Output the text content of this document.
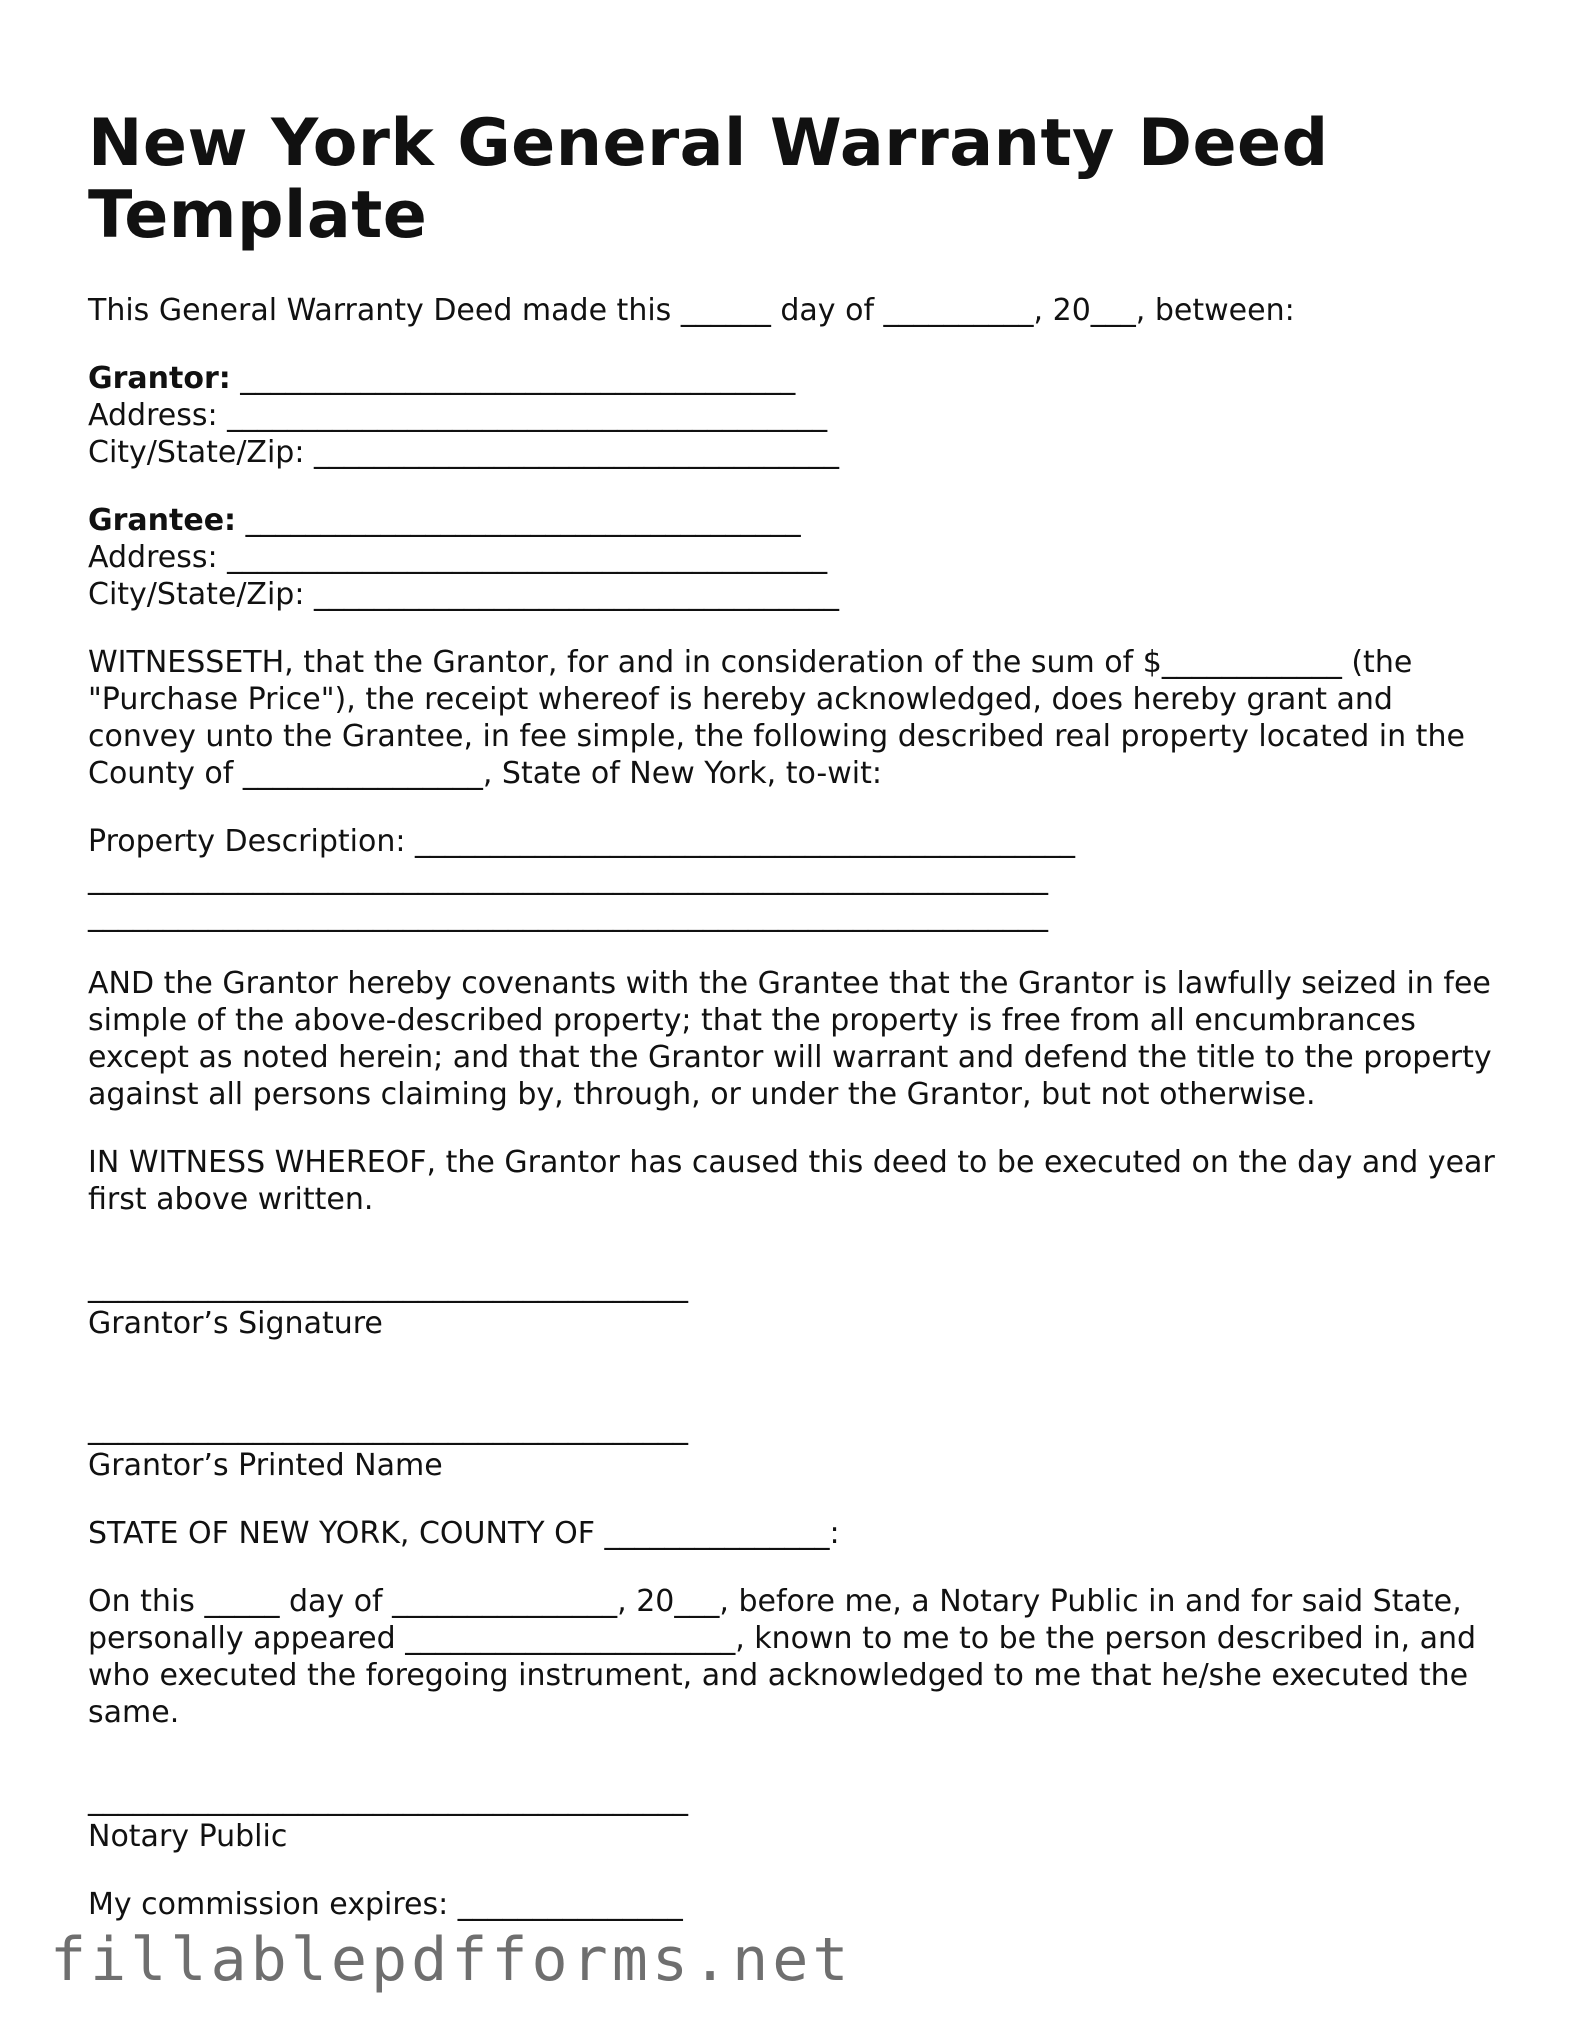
New York General Warranty Deed Template

This General Warranty Deed made this ______ day of __________, 20___, between:

Grantor: _____________________________________
Address: ________________________________________
City/State/Zip: ___________________________________
Grantee: _____________________________________
Address: ________________________________________
City/State/Zip: ___________________________________

WITNESSETH, that the Grantor, for and in consideration of the sum of $____________ (the "Purchase Price"), the receipt whereof is hereby acknowledged, does hereby grant and convey unto the Grantee, in fee simple, the following described real property located in the County of ________________, State of New York, to-wit:

Property Description: ____________________________________________
________________________________________________________________
________________________________________________________________

AND the Grantor hereby covenants with the Grantee that the Grantor is lawfully seized in fee simple of the above-described property; that the property is free from all encumbrances except as noted herein; and that the Grantor will warrant and defend the title to the property against all persons claiming by, through, or under the Grantor, but not otherwise.

IN WITNESS WHEREOF, the Grantor has caused this deed to be executed on the day and year first above written.

________________________________________
Grantor’s Signature
________________________________________
Grantor’s Printed Name

STATE OF NEW YORK, COUNTY OF _______________:

On this _____ day of _______________, 20___, before me, a Notary Public in and for said State, personally appeared ______________________, known to me to be the person described in, and who executed the foregoing instrument, and acknowledged to me that he/she executed the same.

________________________________________
Notary Public

My commission expires: _______________

fillablepdfforms.net
